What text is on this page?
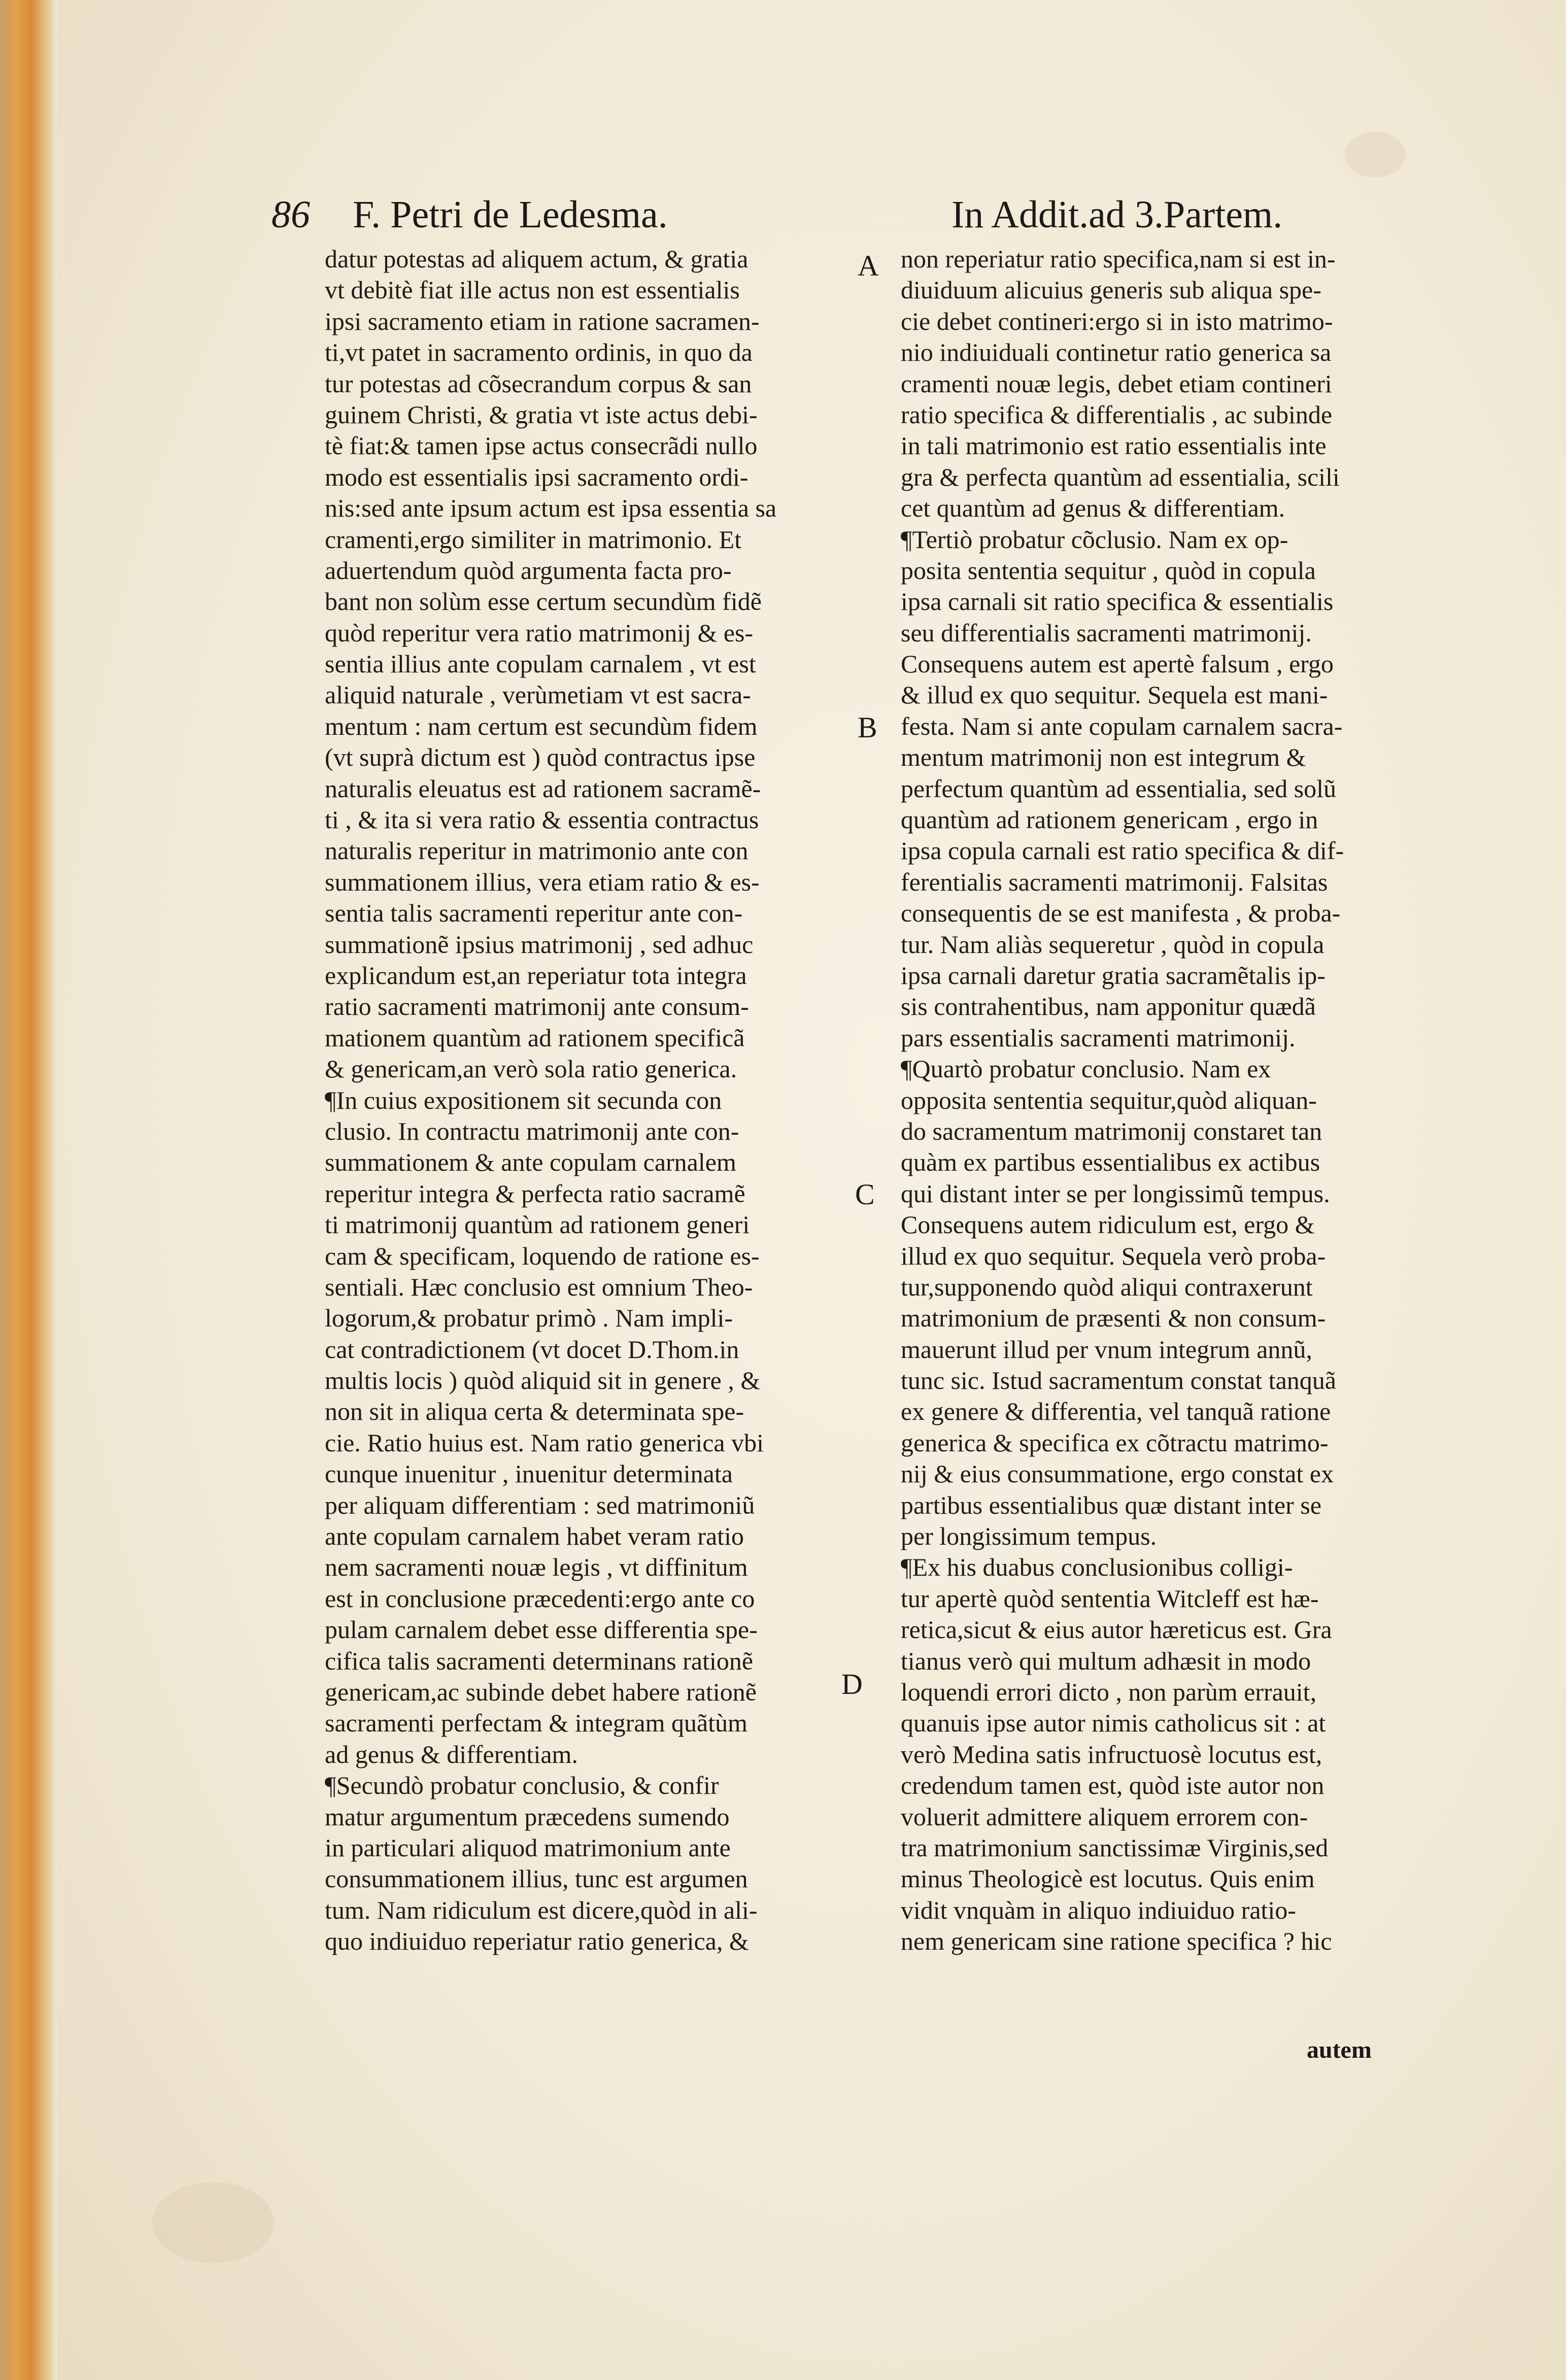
86 F. Petri de Ledesma.	In Addit.ad 3.Partem.
datur potestas ad aliquem actum, & gratia
vt debitè fiat ille actus non est essentialis
ipsi sacramento etiam in ratione sacramen-
ti,vt patet in sacramento ordinis, in quo da
tur potestas ad cõsecrandum corpus & san
guinem Christi, & gratia vt iste actus debi-
tè fiat:& tamen ipse actus consecrãdi nullo
modo est essentialis ipsi sacramento ordi-
nis:sed ante ipsum actum est ipsa essentia sa
cramenti,ergo similiter in matrimonio. Et
aduertendum quòd argumenta facta pro-
bant non solùm esse certum secundùm fidẽ
quòd reperitur vera ratio matrimonij & es-
sentia illius ante copulam carnalem , vt est
aliquid naturale , verùmetiam vt est sacra-
mentum : nam certum est secundùm fidem
(vt suprà dictum est ) quòd contractus ipse
naturalis eleuatus est ad rationem sacramẽ-
ti , & ita si vera ratio & essentia contractus
naturalis reperitur in matrimonio ante con
summationem illius, vera etiam ratio & es-
sentia talis sacramenti reperitur ante con-
summationẽ ipsius matrimonij , sed adhuc
explicandum est,an reperiatur tota integra
ratio sacramenti matrimonij ante consum-
mationem quantùm ad rationem specificã
& genericam,an verò sola ratio generica.
¶In cuius expositionem sit secunda con
clusio. In contractu matrimonij ante con-
summationem & ante copulam carnalem
reperitur integra & perfecta ratio sacramẽ
ti matrimonij quantùm ad rationem generi
cam & specificam, loquendo de ratione es-
sentiali. Hæc conclusio est omnium Theo-
logorum,& probatur primò . Nam impli-
cat contradictionem (vt docet D.Thom.in
multis locis ) quòd aliquid sit in genere , &
non sit in aliqua certa & determinata spe-
cie. Ratio huius est. Nam ratio generica vbi
cunque inuenitur , inuenitur determinata
per aliquam differentiam : sed matrimoniũ
ante copulam carnalem habet veram ratio
nem sacramenti nouæ legis , vt diffinitum
est in conclusione præcedenti:ergo ante co
pulam carnalem debet esse differentia spe-
cifica talis sacramenti determinans rationẽ
genericam,ac subinde debet habere rationẽ
sacramenti perfectam & integram quãtùm
ad genus & differentiam.
¶Secundò probatur conclusio, & confir
matur argumentum præcedens sumendo
in particulari aliquod matrimonium ante
consummationem illius, tunc est argumen
tum. Nam ridiculum est dicere,quòd in ali-
quo indiuiduo reperiatur ratio generica, &
non reperiatur ratio specifica,nam si est in-
diuiduum alicuius generis sub aliqua spe-
cie debet contineri:ergo si in isto matrimo-
nio indiuiduali continetur ratio generica sa
cramenti nouæ legis, debet etiam contineri
ratio specifica & differentialis , ac subinde
in tali matrimonio est ratio essentialis inte
gra & perfecta quantùm ad essentialia, scili
cet quantùm ad genus & differentiam.
¶Tertiò probatur cõclusio. Nam ex op-
posita sententia sequitur , quòd in copula
ipsa carnali sit ratio specifica & essentialis
seu differentialis sacramenti matrimonij.
Consequens autem est apertè falsum , ergo
& illud ex quo sequitur. Sequela est mani-
festa. Nam si ante copulam carnalem sacra-
mentum matrimonij non est integrum &
perfectum quantùm ad essentialia, sed solũ
quantùm ad rationem genericam , ergo in
ipsa copula carnali est ratio specifica & dif-
ferentialis sacramenti matrimonij. Falsitas
consequentis de se est manifesta , & proba-
tur. Nam aliàs sequeretur , quòd in copula
ipsa carnali daretur gratia sacramẽtalis ip-
sis contrahentibus, nam apponitur quædã
pars essentialis sacramenti matrimonij.
¶Quartò probatur conclusio. Nam ex
opposita sententia sequitur,quòd aliquan-
do sacramentum matrimonij constaret tan
quàm ex partibus essentialibus ex actibus
qui distant inter se per longissimũ tempus.
Consequens autem ridiculum est, ergo &
illud ex quo sequitur. Sequela verò proba-
tur,supponendo quòd aliqui contraxerunt
matrimonium de præsenti & non consum-
mauerunt illud per vnum integrum annũ,
tunc sic. Istud sacramentum constat tanquã
ex genere & differentia, vel tanquã ratione
generica & specifica ex cõtractu matrimo-
nij & eius consummatione, ergo constat ex
partibus essentialibus quæ distant inter se
per longissimum tempus.
¶Ex his duabus conclusionibus colligi-
tur apertè quòd sententia Witcleff est hæ-
retica,sicut & eius autor hæreticus est. Gra
tianus verò qui multum adhæsit in modo
loquendi errori dicto , non parùm errauit,
quanuis ipse autor nimis catholicus sit : at
verò Medina satis infructuosè locutus est,
credendum tamen est, quòd iste autor non
voluerit admittere aliquem errorem con-
tra matrimonium sanctissimæ Virginis,sed
minus Theologicè est locutus. Quis enim
vidit vnquàm in aliquo indiuiduo ratio-
nem genericam sine ratione specifica ? hic
A
B
C
D
autem
